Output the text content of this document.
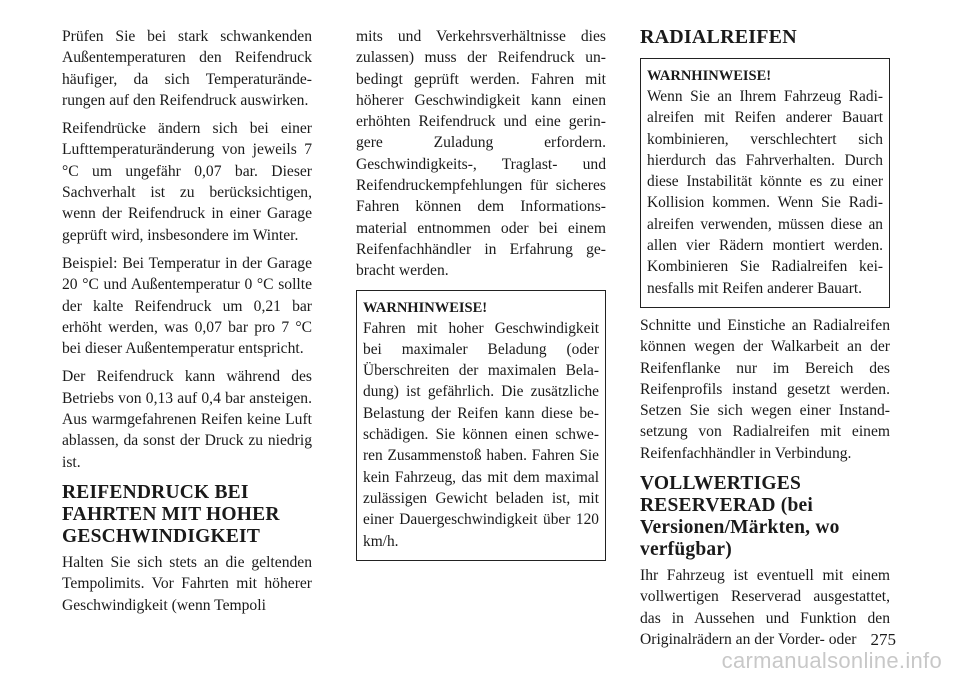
Prüfen Sie bei stark schwankenden Außentemperaturen den Reifendruck häufiger, da sich Temperaturänderungen auf den Reifendruck auswirken.

Reifendrücke ändern sich bei einer Lufttemperaturänderung von jeweils 7 °C um ungefähr 0,07 bar. Dieser Sachverhalt ist zu berücksichtigen, wenn der Reifendruck in einer Garage geprüft wird, insbesondere im Winter.

Beispiel: Bei Temperatur in der Garage 20 °C und Außentemperatur 0 °C sollte der kalte Reifendruck um 0,21 bar erhöht werden, was 0,07 bar pro 7 °C bei dieser Außentemperatur entspricht.

Der Reifendruck kann während des Betriebs von 0,13 auf 0,4 bar ansteigen. Aus warmgefahrenen Reifen keine Luft ablassen, da sonst der Druck zu niedrig ist.

REIFENDRUCK BEI FAHRTEN MIT HOHER GESCHWINDIGKEIT

Halten Sie sich stets an die geltenden Tempolimits. Vor Fahrten mit höherer Geschwindigkeit (wenn Tempoli

mits und Verkehrsverhältnisse dies zulassen) muss der Reifendruck unbedingt geprüft werden. Fahren mit höherer Geschwindigkeit kann einen erhöhten Reifendruck und eine geringere Zuladung erfordern. Geschwindigkeits-, Traglast- und Reifendruckempfehlungen für sicheres Fahren können dem Informationsmaterial entnommen oder bei einem Reifenfachhändler in Erfahrung gebracht werden.

WARNHINWEISE!

Fahren mit hoher Geschwindigkeit bei maximaler Beladung (oder Überschreiten der maximalen Beladung) ist gefährlich. Die zusätzliche Belastung der Reifen kann diese beschädigen. Sie können einen schweren Zusammenstoß haben. Fahren Sie kein Fahrzeug, das mit dem maximal zulässigen Gewicht beladen ist, mit einer Dauergeschwindigkeit über 120 km/h.

RADIALREIFEN
WARNHINWEISE!

Wenn Sie an Ihrem Fahrzeug Radialreifen mit Reifen anderer Bauart kombinieren, verschlechtert sich hierdurch das Fahrverhalten. Durch diese Instabilität könnte es zu einer Kollision kommen. Wenn Sie Radialreifen verwenden, müssen diese an allen vier Rädern montiert werden. Kombinieren Sie Radialreifen keinesfalls mit Reifen anderer Bauart.

Schnitte und Einstiche an Radialreifen können wegen der Walkarbeit an der Reifenflanke nur im Bereich des Reifenprofils instand gesetzt werden. Setzen Sie sich wegen einer Instandsetzung von Radialreifen mit einem Reifenfachhändler in Verbindung.

VOLLWERTIGES RESERVERAD (bei Versionen/Märkten, wo verfügbar)

Ihr Fahrzeug ist eventuell mit einem vollwertigen Reserverad ausgestattet, das in Aussehen und Funktion den Originalrädern an der Vorder- oder 275
carmanualsonline.info
